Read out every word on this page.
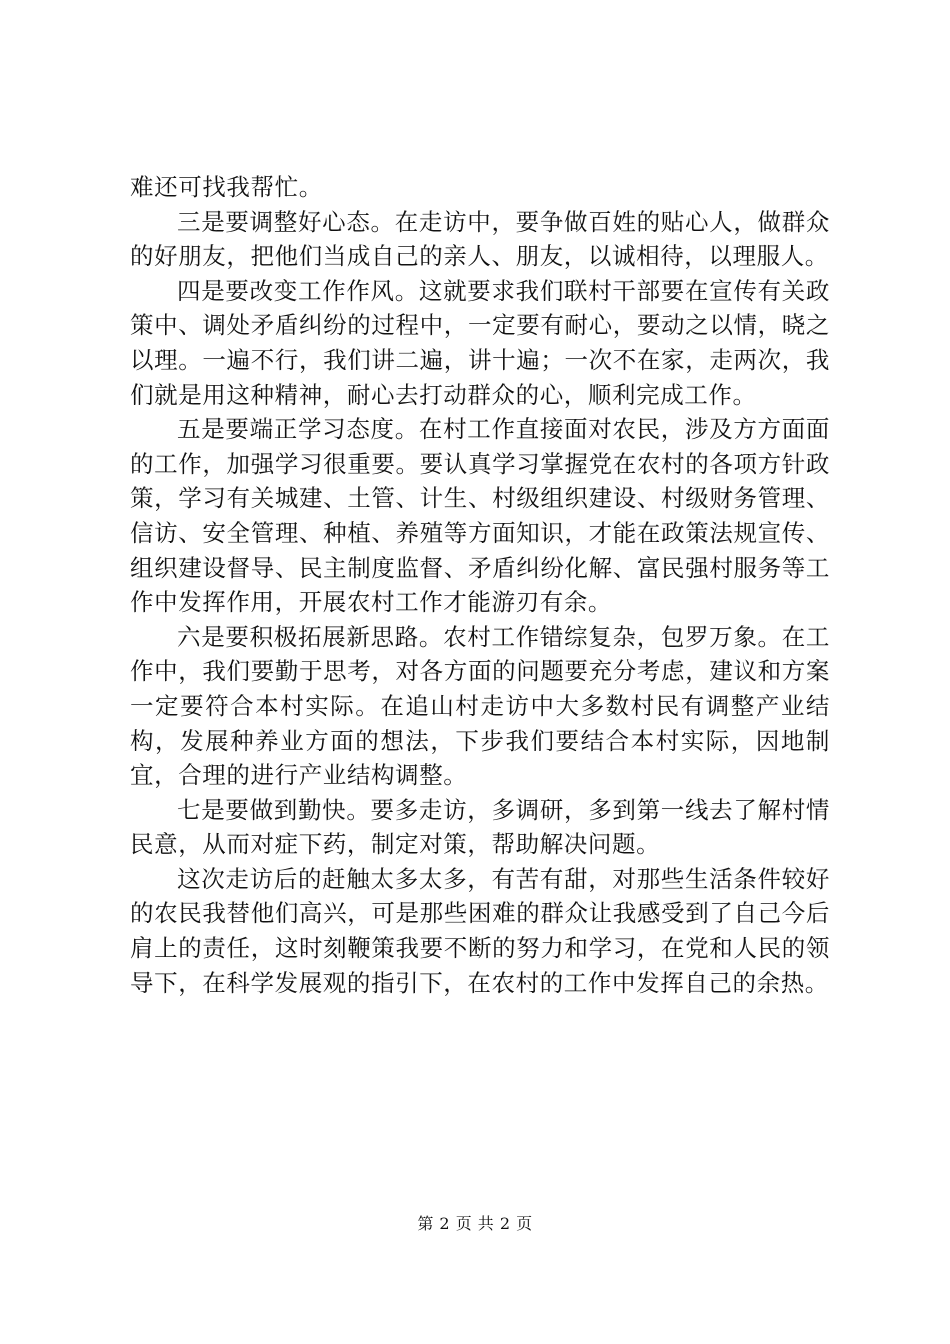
难还可找我帮忙。

三是要调整好心态。在走访中，要争做百姓的贴心人，做群众的好朋友，把他们当成自己的亲人、朋友，以诚相待，以理服人。

四是要改变工作作风。这就要求我们联村干部要在宣传有关政策中、调处矛盾纠纷的过程中，一定要有耐心，要动之以情，晓之以理。一遍不行，我们讲二遍，讲十遍；一次不在家，走两次，我们就是用这种精神，耐心去打动群众的心，顺利完成工作。

五是要端正学习态度。在村工作直接面对农民，涉及方方面面的工作，加强学习很重要。要认真学习掌握党在农村的各项方针政策，学习有关城建、土管、计生、村级组织建设、村级财务管理、信访、安全管理、种植、养殖等方面知识，才能在政策法规宣传、组织建设督导、民主制度监督、矛盾纠纷化解、富民强村服务等工作中发挥作用，开展农村工作才能游刃有余。

六是要积极拓展新思路。农村工作错综复杂，包罗万象。在工作中，我们要勤于思考，对各方面的问题要充分考虑，建议和方案一定要符合本村实际。在追山村走访中大多数村民有调整产业结构，发展种养业方面的想法，下步我们要结合本村实际，因地制宜，合理的进行产业结构调整。

七是要做到勤快。要多走访，多调研，多到第一线去了解村情民意，从而对症下药，制定对策，帮助解决问题。

这次走访后的赶触太多太多，有苦有甜，对那些生活条件较好的农民我替他们高兴，可是那些困难的群众让我感受到了自己今后肩上的责任，这时刻鞭策我要不断的努力和学习，在党和人民的领导下，在科学发展观的指引下，在农村的工作中发挥自己的余热。

第 2 页 共 2 页
